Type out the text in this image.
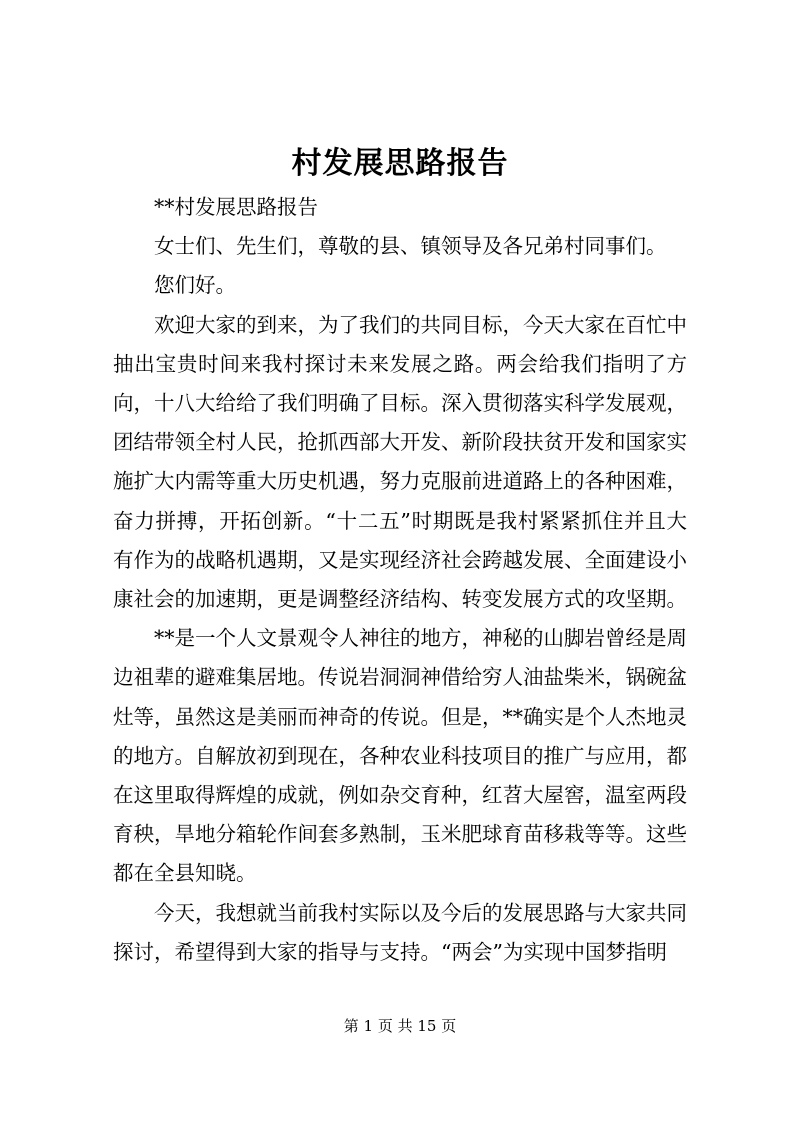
村发展思路报告

**村发展思路报告

女士们、先生们，尊敬的县、镇领导及各兄弟村同事们。

您们好。

欢迎大家的到来，为了我们的共同目标，今天大家在百忙中抽出宝贵时间来我村探讨未来发展之路。两会给我们指明了方向，十八大给给了我们明确了目标。深入贯彻落实科学发展观，团结带领全村人民，抢抓西部大开发、新阶段扶贫开发和国家实施扩大内需等重大历史机遇，努力克服前进道路上的各种困难，奋力拼搏，开拓创新。“十二五”时期既是我村紧紧抓住并且大有作为的战略机遇期，又是实现经济社会跨越发展、全面建设小康社会的加速期，更是调整经济结构、转变发展方式的攻坚期。

**是一个人文景观令人神往的地方，神秘的山脚岩曾经是周边祖辈的避难集居地。传说岩洞洞神借给穷人油盐柴米，锅碗盆灶等，虽然这是美丽而神奇的传说。但是，**确实是个人杰地灵的地方。自解放初到现在，各种农业科技项目的推广与应用，都在这里取得辉煌的成就，例如杂交育种，红苕大屋窖，温室两段育秧，旱地分箱轮作间套多熟制，玉米肥球育苗移栽等等。这些都在全县知晓。

今天，我想就当前我村实际以及今后的发展思路与大家共同探讨，希望得到大家的指导与支持。“两会”为实现中国梦指明

第 1 页 共 15 页
